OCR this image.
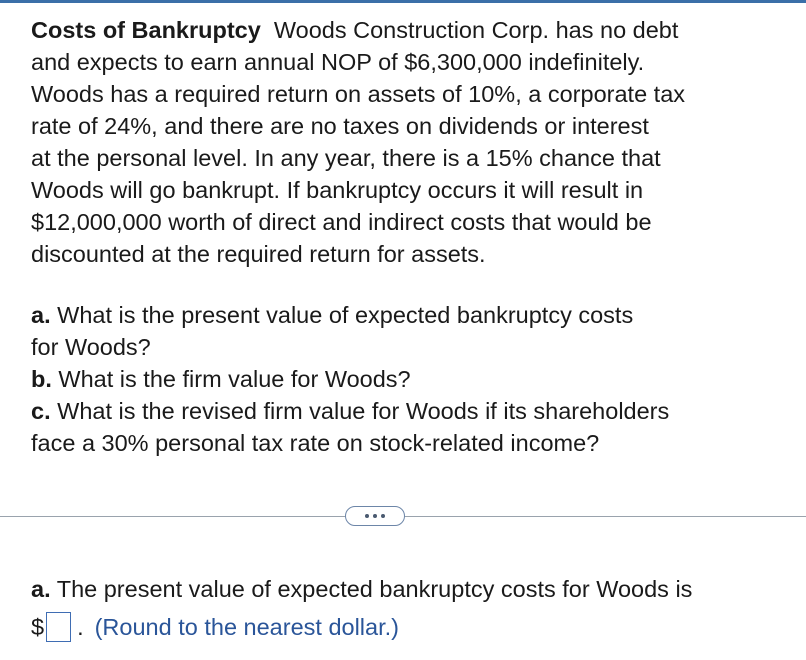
Costs of Bankruptcy Woods Construction Corp. has no debt

and expects to earn annual NOP of $6,300,000 indefinitely.

Woods has a required return on assets of 10%, a corporate tax

rate of 24%, and there are no taxes on dividends or interest

at the personal level. In any year, there is a 15% chance that

Woods will go bankrupt. If bankruptcy occurs it will result in

$12,000,000 worth of direct and indirect costs that would be

discounted at the required return for assets.

a. What is the present value of expected bankruptcy costs

for Woods?

b. What is the firm value for Woods?

c. What is the revised firm value for Woods if its shareholders

face a 30% personal tax rate on stock-related income?

a. The present value of expected bankruptcy costs for Woods is
$ . (Round to the nearest dollar.)
